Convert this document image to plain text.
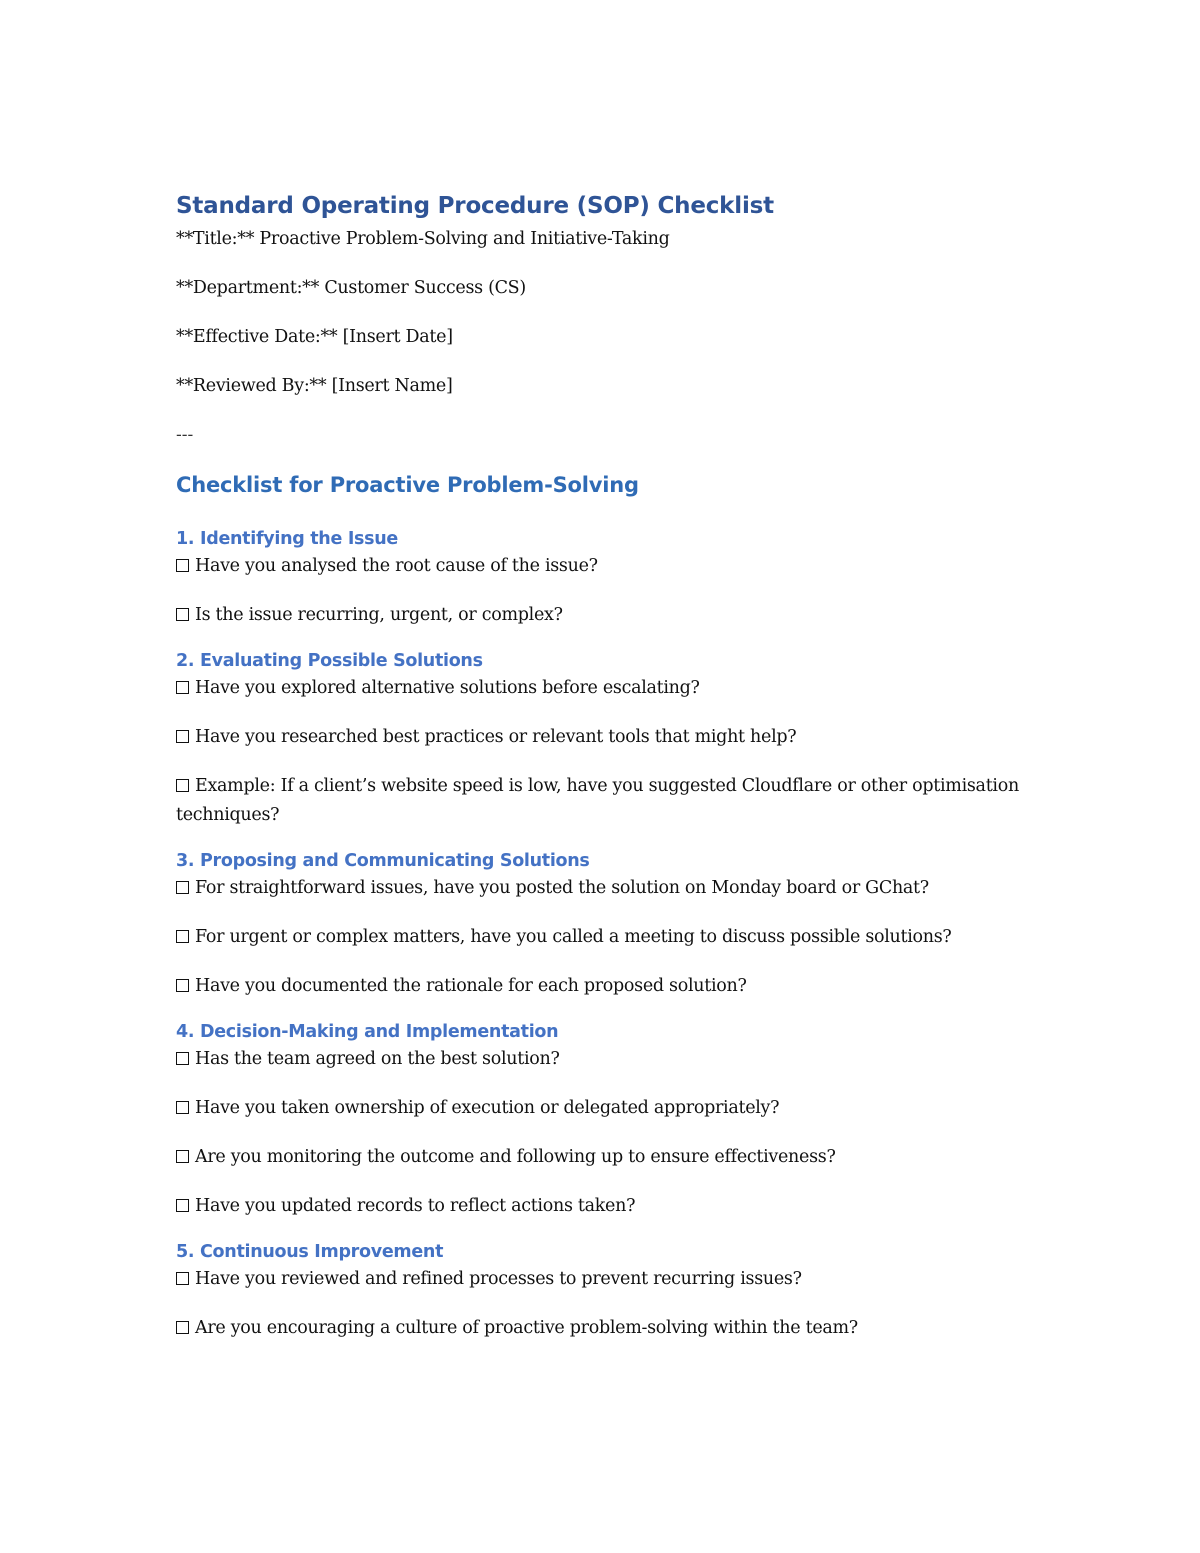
Standard Operating Procedure (SOP) Checklist

**Title:** Proactive Problem-Solving and Initiative-Taking

**Department:** Customer Success (CS)

**Effective Date:** [Insert Date]

**Reviewed By:** [Insert Name]

---

Checklist for Proactive Problem-Solving
1. Identifying the Issue

Have you analysed the root cause of the issue?

Is the issue recurring, urgent, or complex?

2. Evaluating Possible Solutions

Have you explored alternative solutions before escalating?

Have you researched best practices or relevant tools that might help?

Example: If a client’s website speed is low, have you suggested Cloudflare or other optimisation techniques?

3. Proposing and Communicating Solutions

For straightforward issues, have you posted the solution on Monday board or GChat?

For urgent or complex matters, have you called a meeting to discuss possible solutions?

Have you documented the rationale for each proposed solution?

4. Decision-Making and Implementation

Has the team agreed on the best solution?

Have you taken ownership of execution or delegated appropriately?

Are you monitoring the outcome and following up to ensure effectiveness?

Have you updated records to reflect actions taken?

5. Continuous Improvement

Have you reviewed and refined processes to prevent recurring issues?

Are you encouraging a culture of proactive problem-solving within the team?
